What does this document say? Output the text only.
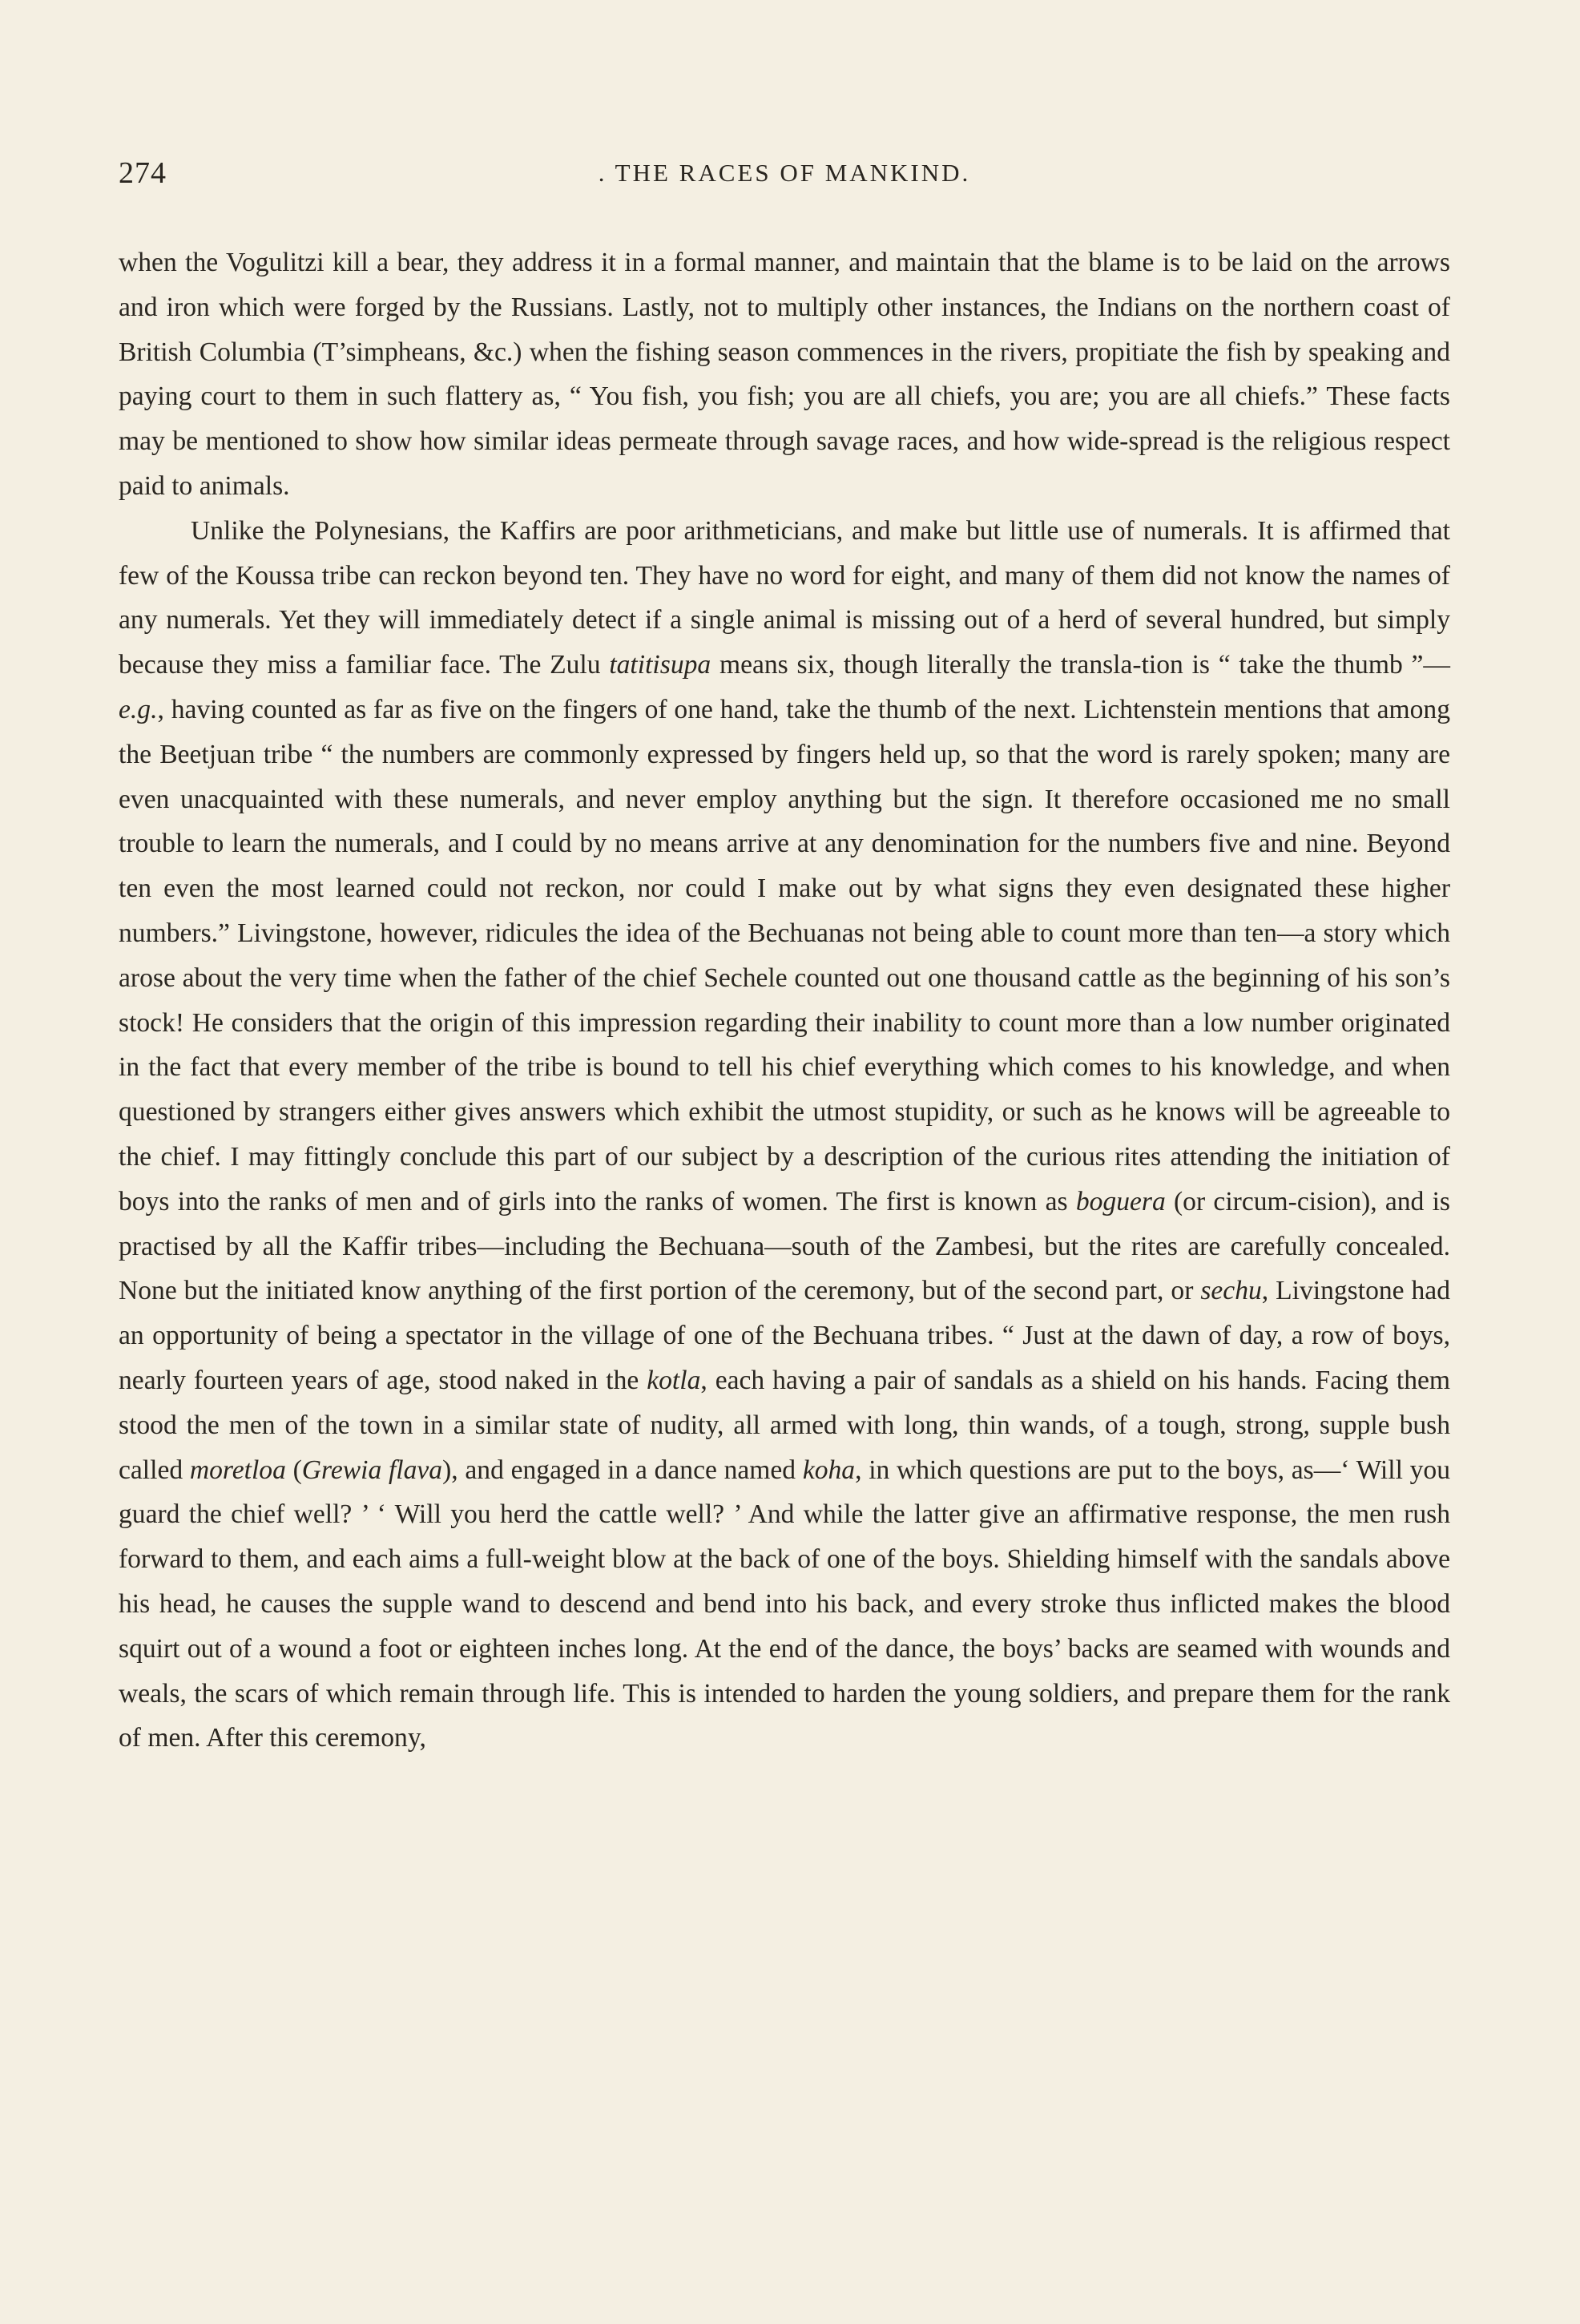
274	. THE RACES OF MANKIND.

when the Vogulitzi kill a bear, they address it in a formal manner, and maintain that the blame is to be laid on the arrows and iron which were forged by the Russians. Lastly, not to multiply other instances, the Indians on the northern coast of British Columbia (T’simpheans, &c.) when the fishing season commences in the rivers, propitiate the fish by speaking and paying court to them in such flattery as, “ You fish, you fish; you are all chiefs, you are; you are all chiefs.” These facts may be mentioned to show how similar ideas permeate through savage races, and how wide-spread is the religious respect paid to animals.

Unlike the Polynesians, the Kaffirs are poor arithmeticians, and make but little use of numerals. It is affirmed that few of the Koussa tribe can reckon beyond ten. They have no word for eight, and many of them did not know the names of any numerals. Yet they will immediately detect if a single animal is missing out of a herd of several hundred, but simply because they miss a familiar face. The Zulu tatitisupa means six, though literally the transla-tion is “ take the thumb ”—e.g., having counted as far as five on the fingers of one hand, take the thumb of the next. Lichtenstein mentions that among the Beetjuan tribe “ the numbers are commonly expressed by fingers held up, so that the word is rarely spoken; many are even unacquainted with these numerals, and never employ anything but the sign. It therefore occasioned me no small trouble to learn the numerals, and I could by no means arrive at any denomination for the numbers five and nine. Beyond ten even the most learned could not reckon, nor could I make out by what signs they even designated these higher numbers.” Livingstone, however, ridicules the idea of the Bechuanas not being able to count more than ten—a story which arose about the very time when the father of the chief Sechele counted out one thousand cattle as the beginning of his son’s stock! He considers that the origin of this impression regarding their inability to count more than a low number originated in the fact that every member of the tribe is bound to tell his chief everything which comes to his knowledge, and when questioned by strangers either gives answers which exhibit the utmost stupidity, or such as he knows will be agreeable to the chief. I may fittingly conclude this part of our subject by a description of the curious rites attending the initiation of boys into the ranks of men and of girls into the ranks of women. The first is known as boguera (or circum-cision), and is practised by all the Kaffir tribes—including the Bechuana—south of the Zambesi, but the rites are carefully concealed. None but the initiated know anything of the first portion of the ceremony, but of the second part, or sechu, Livingstone had an opportunity of being a spectator in the village of one of the Bechuana tribes. “ Just at the dawn of day, a row of boys, nearly fourteen years of age, stood naked in the kotla, each having a pair of sandals as a shield on his hands. Facing them stood the men of the town in a similar state of nudity, all armed with long, thin wands, of a tough, strong, supple bush called moretloa (Grewia flava), and engaged in a dance named koha, in which questions are put to the boys, as—‘ Will you guard the chief well? ’ ‘ Will you herd the cattle well? ’ And while the latter give an affirmative response, the men rush forward to them, and each aims a full-weight blow at the back of one of the boys. Shielding himself with the sandals above his head, he causes the supple wand to descend and bend into his back, and every stroke thus inflicted makes the blood squirt out of a wound a foot or eighteen inches long. At the end of the dance, the boys’ backs are seamed with wounds and weals, the scars of which remain through life. This is intended to harden the young soldiers, and prepare them for the rank of men. After this ceremony,
